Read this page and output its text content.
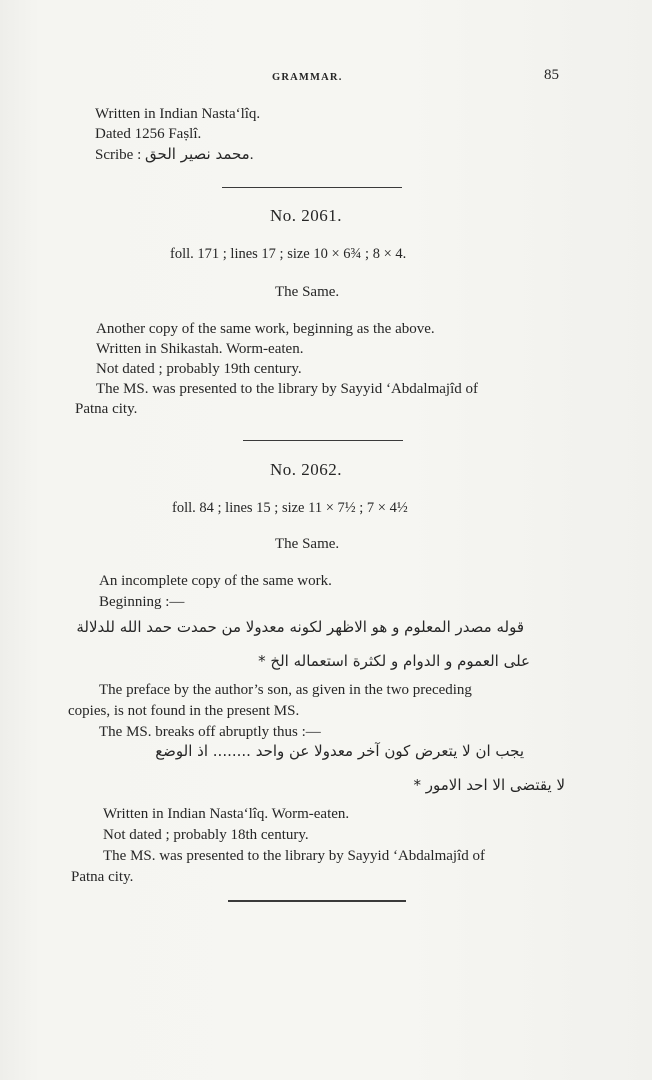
GRAMMAR.	85
Written in Indian Nasta‘lîq.
Dated 1256 Faṣlî.
Scribe : محمد نصیر الحق.
No. 2061.
foll. 171 ; lines 17 ; size 10 × 6¾ ; 8 × 4.
The Same.
Another copy of the same work, beginning as the above.
Written in Shikastah. Worm-eaten.
Not dated ; probably 19th century.
The MS. was presented to the library by Sayyid ‘Abdalmajîd of
Patna city.
No. 2062.
foll. 84 ; lines 15 ; size 11 × 7½ ; 7 × 4½
The Same.
An incomplete copy of the same work.
Beginning :—
قوله مصدر المعلوم و هو الاظهر لکونه معدولا من حمدت حمد الله للدلالة
علی العموم و الدوام و لکثرة استعماله الخ *
The preface by the author’s son, as given in the two preceding
copies, is not found in the present MS.
The MS. breaks off abruptly thus :—
یجب ان لا یتعرض کون آخر معدولا عن واحد ........ اذ الوضع
لا یقتضی الا احد الامور *
Written in Indian Nasta‘lîq. Worm-eaten.
Not dated ; probably 18th century.
The MS. was presented to the library by Sayyid ‘Abdalmajîd of
Patna city.
